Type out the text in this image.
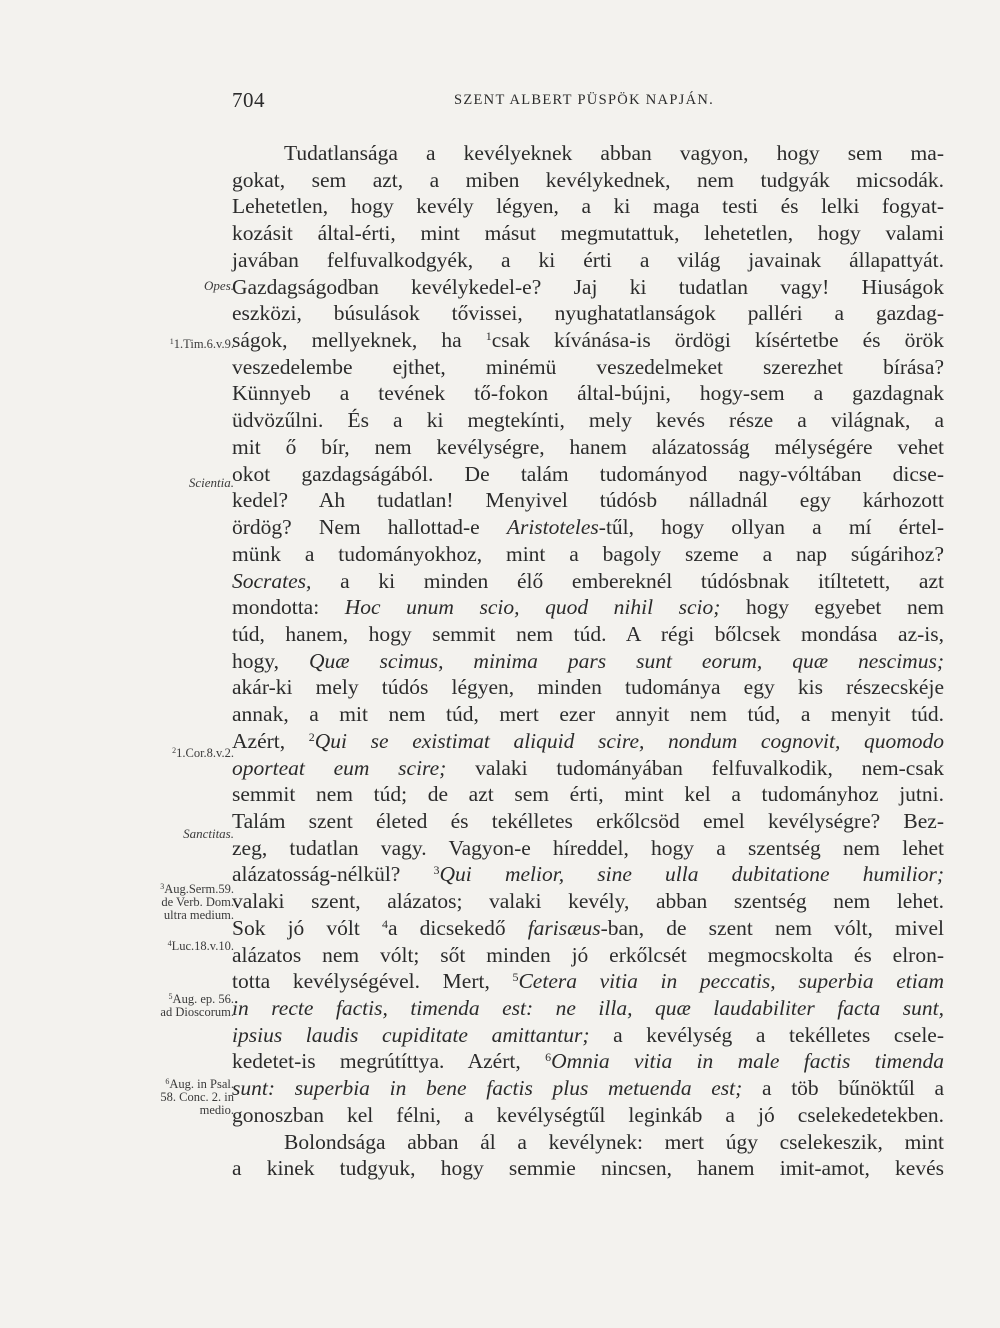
704	SZENT ALBERT PÜSPÖK NAPJÁN.
Opes.
$^1$1.Tim.6.v.9.
Scientia.
$^2$1.Cor.8.v.2.
Sanctitas.
$^3$Aug.Serm.59.
de Verb. Dom.
ultra medium.
$^4$Luc.18.v.10.
$^5$Aug. ep. 56.
ad Dioscorum.
$^6$Aug. in Psal.
58. Conc. 2. in
medio.
Tudatlansága a kevélyeknek abban vagyon, hogy sem ma-
gokat, sem azt, a miben kevélykednek, nem tudgyák micsodák.
Lehetetlen, hogy kevély légyen, a ki maga testi és lelki fogyat-
kozásit által-érti, mint másut megmutattuk, lehetetlen, hogy valami
javában felfuvalkodgyék, a ki érti a világ javainak állapattyát.
Gazdagságodban kevélykedel-e? Jaj ki tudatlan vagy! Hiuságok
eszközi, búsulások tővissei, nyughatatlanságok palléri a gazdag-
ságok, mellyeknek, ha $^1$csak kívánása-is ördögi kísértetbe és örök
veszedelembe ejthet, minémü veszedelmeket szerezhet bírása?
Künnyeb a tevének tő-fokon által-bújni, hogy-sem a gazdagnak
üdvözűlni. És a ki megtekínti, mely kevés része a világnak, a
mit ő bír, nem kevélységre, hanem alázatosság mélységére vehet
okot gazdagságából. De talám tudományod nagy-vóltában dicse-
kedel? Ah tudatlan! Menyivel túdósb nálladnál egy kárhozott
ördög? Nem hallottad-e Aristoteles-tűl, hogy ollyan a mí értel-
münk a tudományokhoz, mint a bagoly szeme a nap súgárihoz?
Socrates, a ki minden élő embereknél túdósbnak itíltetett, azt
mondotta: Hoc unum scio, quod nihil scio; hogy egyebet nem
túd, hanem, hogy semmit nem túd. A régi bőlcsek mondása az-is,
hogy, Quæ scimus, minima pars sunt eorum, quæ nescimus;
akár-ki mely túdós légyen, minden tudománya egy kis részecskéje
annak, a mit nem túd, mert ezer annyit nem túd, a menyit túd.
Azért, $^2$Qui se existimat aliquid scire, nondum cognovit, quomodo
oporteat eum scire; valaki tudományában felfuvalkodik, nem-csak
semmit nem túd; de azt sem érti, mint kel a tudományhoz jutni.
Talám szent életed és tekélletes erkőlcsöd emel kevélységre? Bez-
zeg, tudatlan vagy. Vagyon-e híreddel, hogy a szentség nem lehet
alázatosság-nélkül? $^3$Qui melior, sine ulla dubitatione humilior;
valaki szent, alázatos; valaki kevély, abban szentség nem lehet.
Sok jó vólt $^4$a dicsekedő farisæus-ban, de szent nem vólt, mivel
alázatos nem vólt; sőt minden jó erkőlcsét megmocskolta és elron-
totta kevélységével. Mert, $^5$Cetera vitia in peccatis, superbia etiam
in recte factis, timenda est: ne illa, quæ laudabiliter facta sunt,
ipsius laudis cupiditate amittantur; a kevélység a tekélletes csele-
kedetet-is megrútíttya. Azért, $^6$Omnia vitia in male factis timenda
sunt: superbia in bene factis plus metuenda est; a töb bűnöktűl a
gonoszban kel félni, a kevélységtűl leginkáb a jó cselekedetekben.
Bolondsága abban ál a kevélynek: mert úgy cselekeszik, mint
a kinek tudgyuk, hogy semmie nincsen, hanem imit-amot, kevés
